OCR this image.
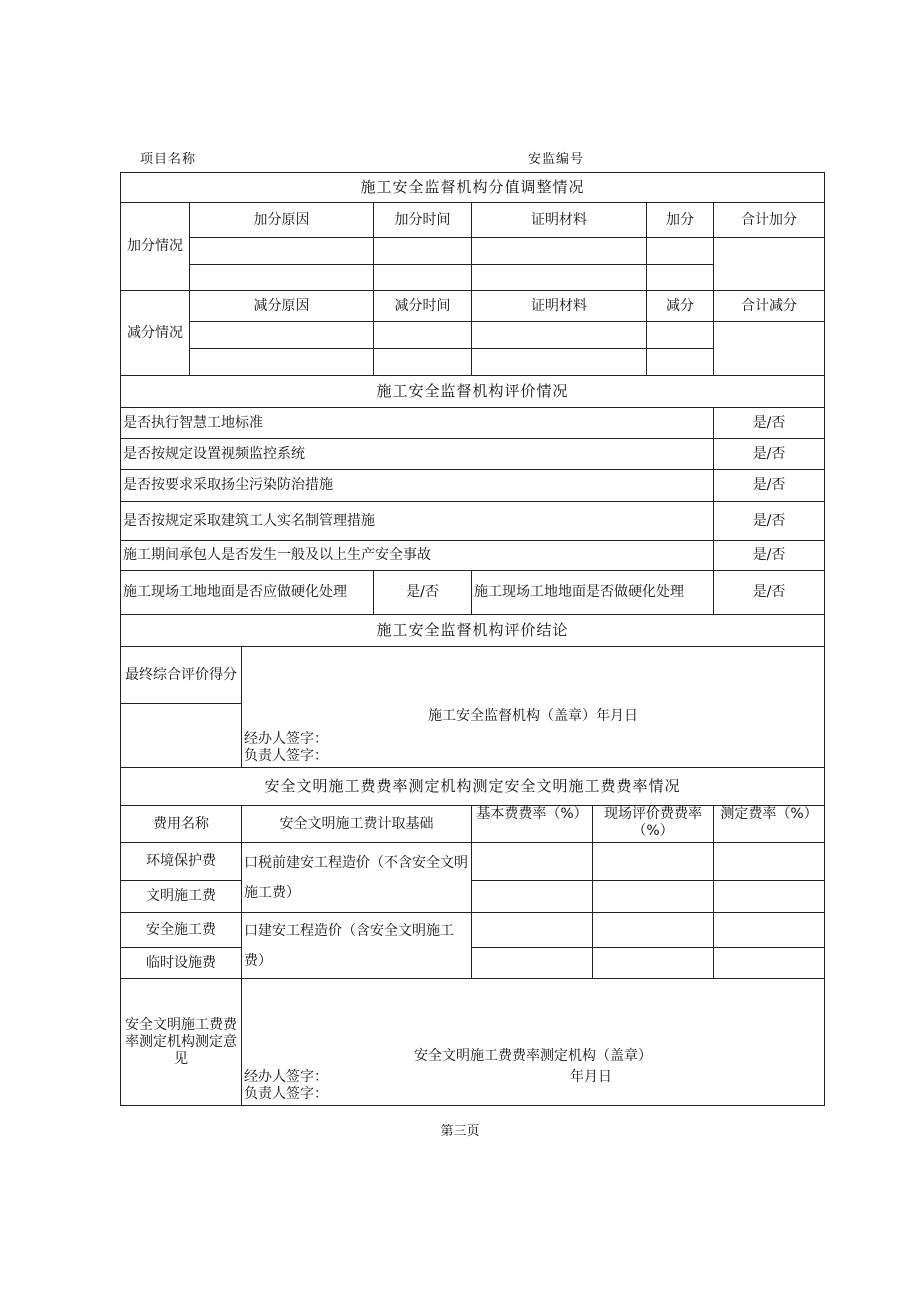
项目名称	安监编号
施工安全监督机构分值调整情况							
加分情况	加分原因		加分时间	证明材料		加分	合计加分

减分情况	减分原因		减分时间	证明材料		减分	合计减分

施工安全监督机构评价情况							
是否执行智慧工地标准							是/否
是否按规定设置视频监控系统							是/否
是否按要求采取扬尘污染防治措施							是/否
是否按规定采取建筑工人实名制管理措施							是/否
施工期间承包人是否发生一般及以上生产安全事故							是/否
施工现场工地地面是否应做硬化处理			是/否	施工现场工地地面是否做硬化处理			是/否
施工安全监督机构评价结论							
最终综合评价得分		施工安全监督机构（盖章）年月日
经办人签字：
负责人签字：					

安全文明施工费费率测定机构测定安全文明施工费费率情况							
费用名称		安全文明施工费计取基础		基本费费率（%）	现场评价费费率（%）		测定费率（%）
环境保护费		口税前建安工程造价（不含安全文明施工费）					
文明施工费							
安全施工费		口建安工程造价（含安全文明施工费）					
临时设施费							
安全文明施工费费率测定机构测定意见		安全文明施工费费率测定机构（盖章）
经办人签字： 年月日
负责人签字：					
第三页
